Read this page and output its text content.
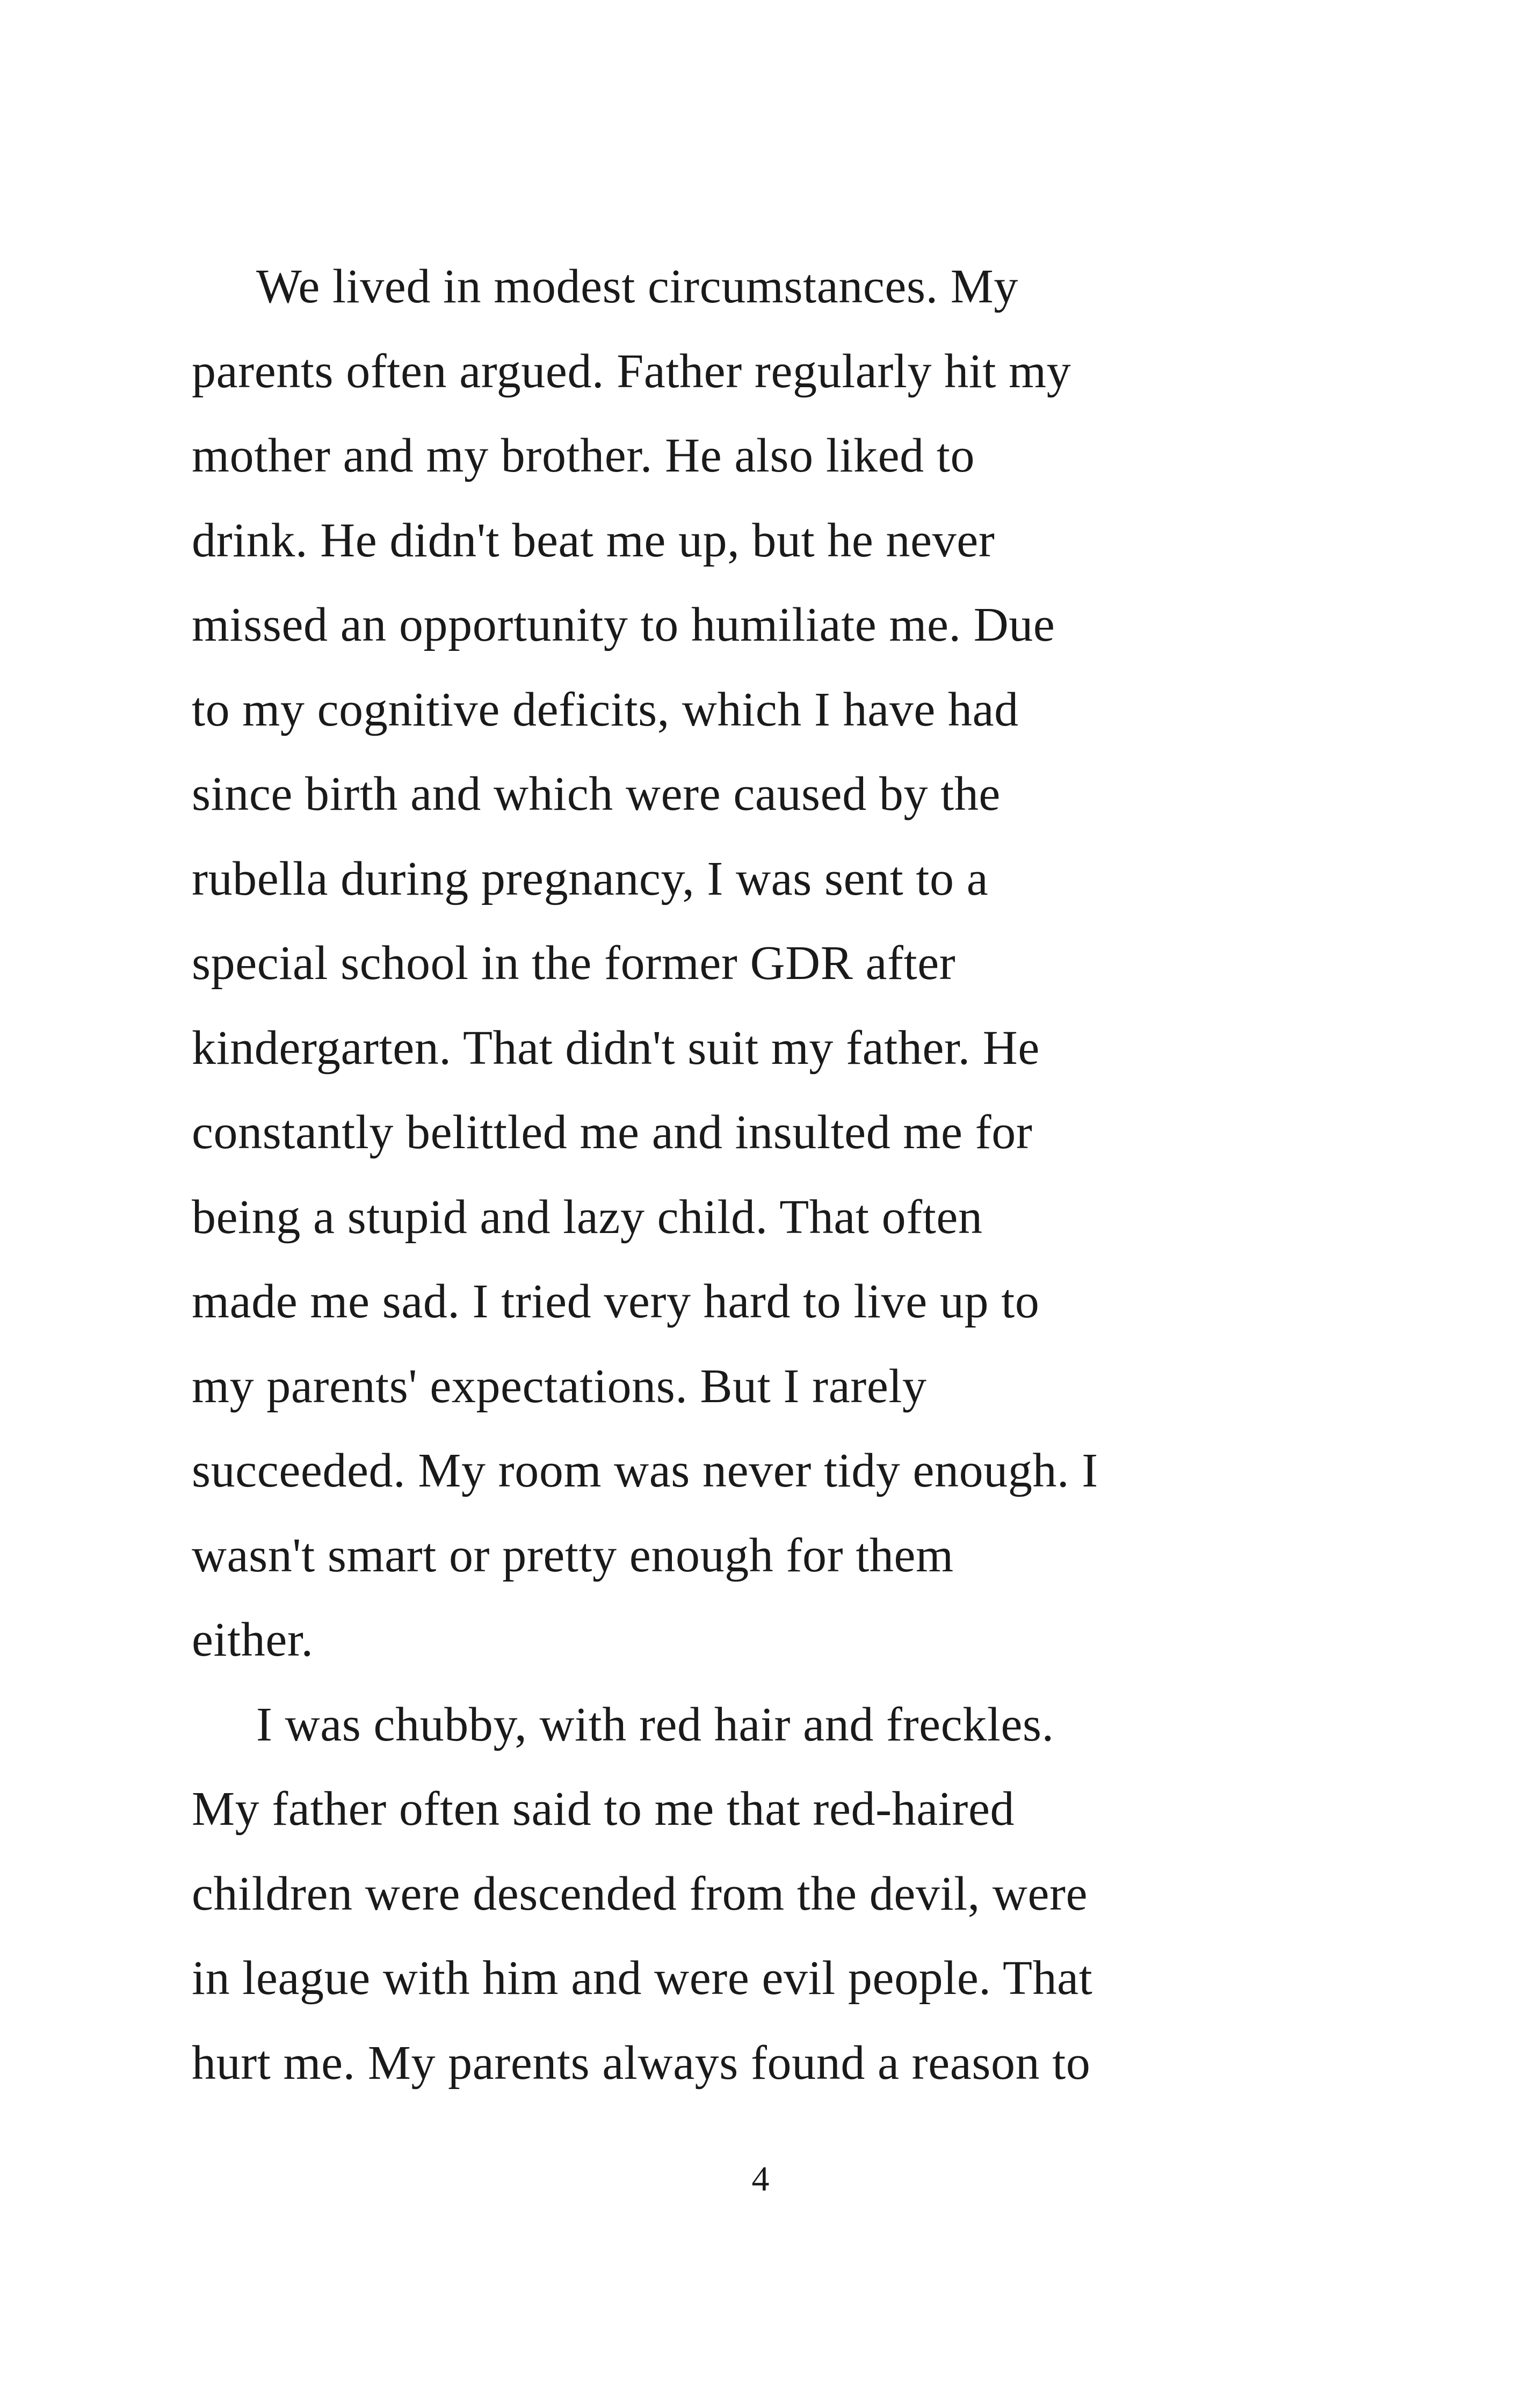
We lived in modest circumstances. My
parents often argued. Father regularly hit my
mother and my brother. He also liked to
drink. He didn't beat me up, but he never
missed an opportunity to humiliate me. Due
to my cognitive deficits, which I have had
since birth and which were caused by the
rubella during pregnancy, I was sent to a
special school in the former GDR after
kindergarten. That didn't suit my father. He
constantly belittled me and insulted me for
being a stupid and lazy child. That often
made me sad. I tried very hard to live up to
my parents' expectations. But I rarely
succeeded. My room was never tidy enough. I
wasn't smart or pretty enough for them
either.
I was chubby, with red hair and freckles.
My father often said to me that red-haired
children were descended from the devil, were
in league with him and were evil people. That
hurt me. My parents always found a reason to
4
